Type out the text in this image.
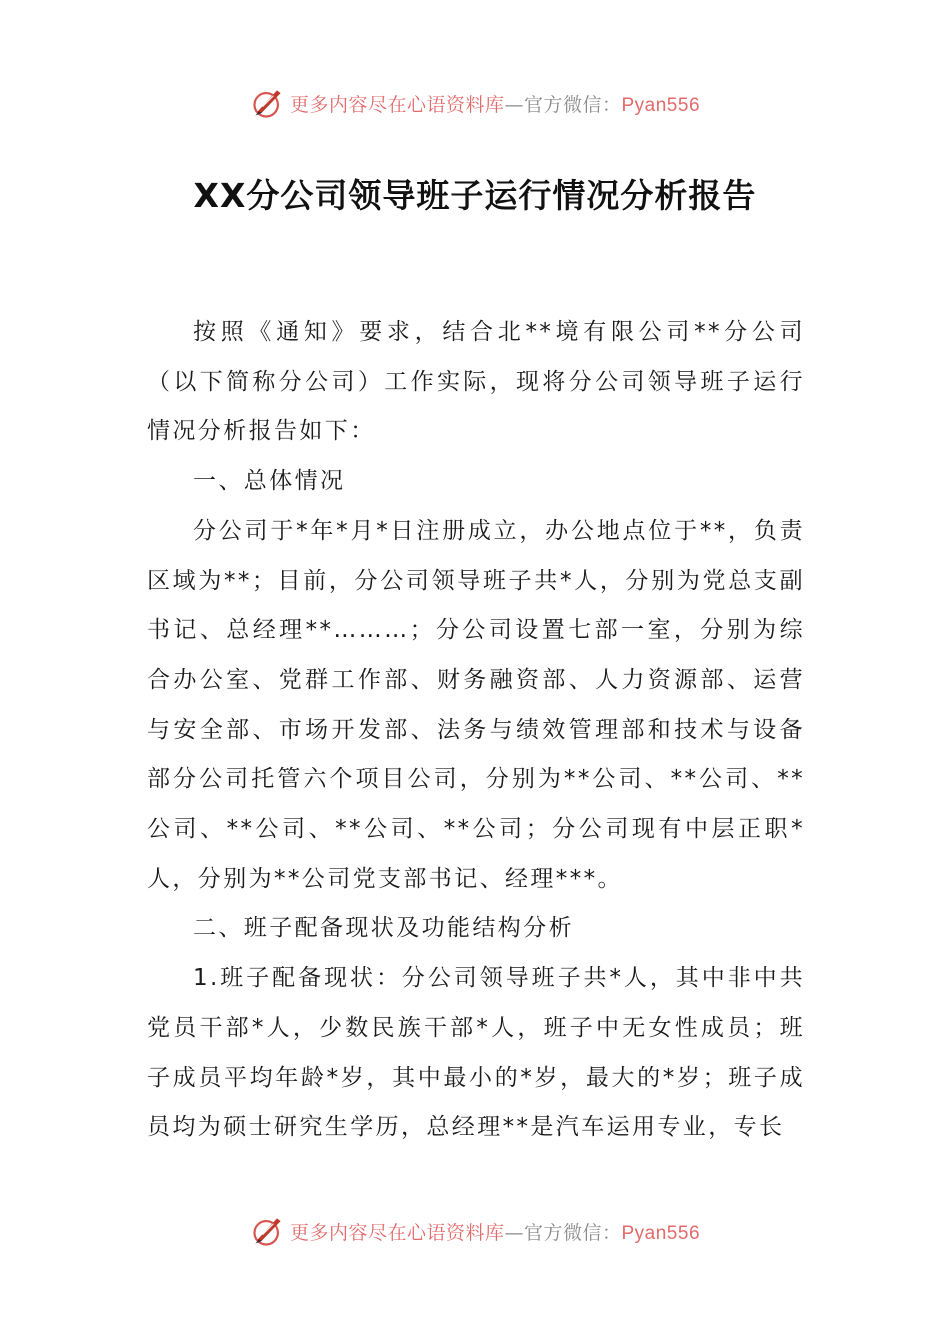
更多内容尽在心语资料库—官方微信：Pyan556
XX分公司领导班子运行情况分析报告

按照《通知》要求，结合北**境有限公司**分公司（以下简称分公司）工作实际，现将分公司领导班子运行情况分析报告如下：

一、总体情况

分公司于*年*月*日注册成立，办公地点位于**，负责区域为**；目前，分公司领导班子共*人，分别为党总支副书记、总经理**………；分公司设置七部一室，分别为综合办公室、党群工作部、财务融资部、人力资源部、运营与安全部、市场开发部、法务与绩效管理部和技术与设备部分公司托管六个项目公司，分别为**公司、**公司、**公司、**公司、**公司、**公司；分公司现有中层正职*人，分别为**公司党支部书记、经理***。

二、班子配备现状及功能结构分析

1.班子配备现状：分公司领导班子共*人，其中非中共党员干部*人，少数民族干部*人，班子中无女性成员；班子成员平均年龄*岁，其中最小的*岁，最大的*岁；班子成员均为硕士研究生学历，总经理**是汽车运用专业，专长

更多内容尽在心语资料库—官方微信：Pyan556
